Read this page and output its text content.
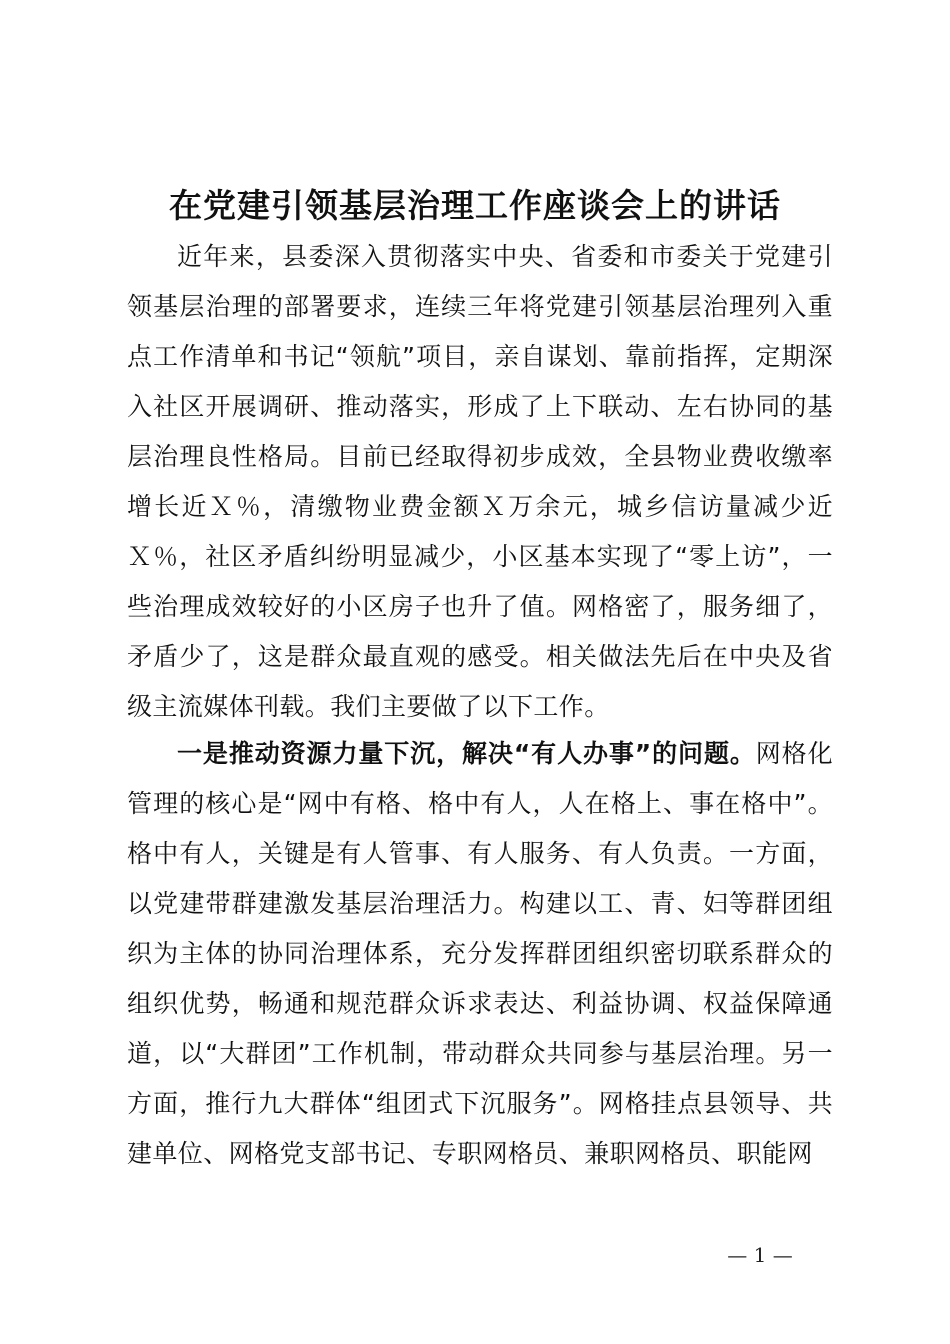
在党建引领基层治理工作座谈会上的讲话

近年来，县委深入贯彻落实中央、省委和市委关于党建引领基层治理的部署要求，连续三年将党建引领基层治理列入重点工作清单和书记“领航”项目，亲自谋划、靠前指挥，定期深入社区开展调研、推动落实，形成了上下联动、左右协同的基层治理良性格局。目前已经取得初步成效，全县物业费收缴率增长近Ｘ％，清缴物业费金额Ｘ万余元，城乡信访量减少近Ｘ％，社区矛盾纠纷明显减少，小区基本实现了“零上访”，一些治理成效较好的小区房子也升了值。网格密了，服务细了，矛盾少了，这是群众最直观的感受。相关做法先后在中央及省级主流媒体刊载。我们主要做了以下工作。

一是推动资源力量下沉，解决“有人办事”的问题。网格化管理的核心是“网中有格、格中有人，人在格上、事在格中”。格中有人，关键是有人管事、有人服务、有人负责。一方面，以党建带群建激发基层治理活力。构建以工、青、妇等群团组织为主体的协同治理体系，充分发挥群团组织密切联系群众的组织优势，畅通和规范群众诉求表达、利益协调、权益保障通道，以“大群团”工作机制，带动群众共同参与基层治理。另一方面，推行九大群体“组团式下沉服务”。网格挂点县领导、共建单位、网格党支部书记、专职网格员、兼职网格员、职能网

— 1 —
